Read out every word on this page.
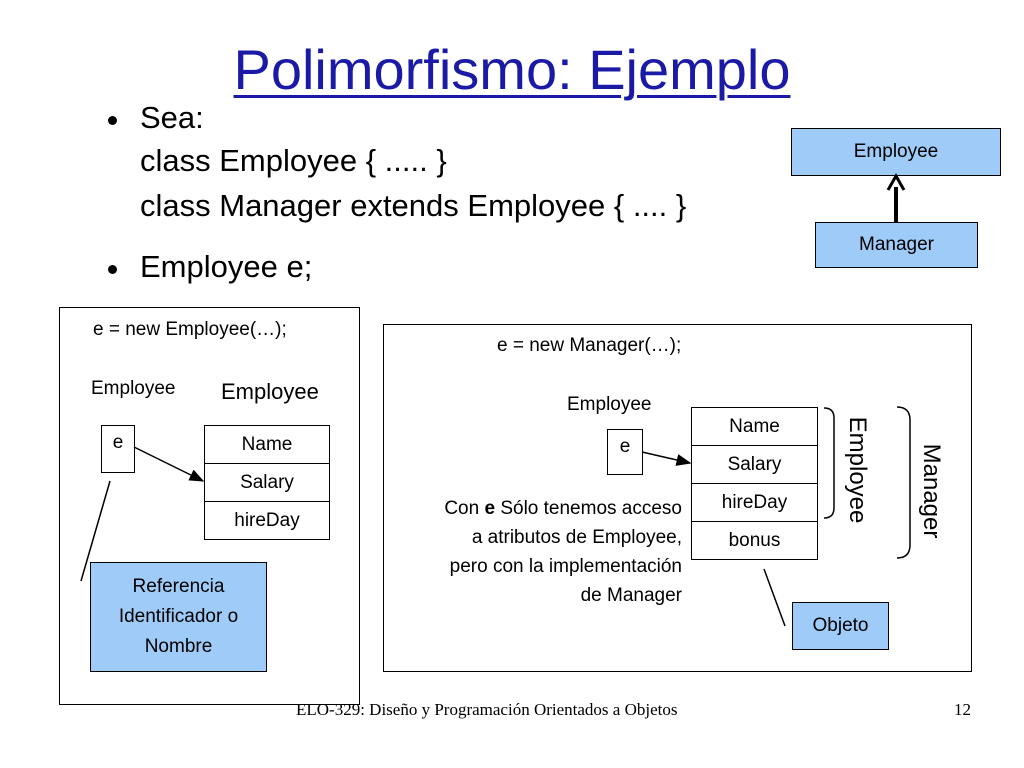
Polimorfismo: Ejemplo
Sea:
class Employee { ..... }
class Manager extends Employee { .... }
Employee e;
Employee
Manager
e = new Employee(…);
Employee Employee
e	Name
Salary
hireDay
Referencia
Identificador o
Nombre
e = new Manager(…);
Employee
e
Name
Salary
hireDay
bonus
Employee Manager
Con e Sólo tenemos acceso
a atributos de Employee,
pero con la implementación
de Manager
Objeto
ELO-329: Diseño y Programación Orientados a Objetos	12
